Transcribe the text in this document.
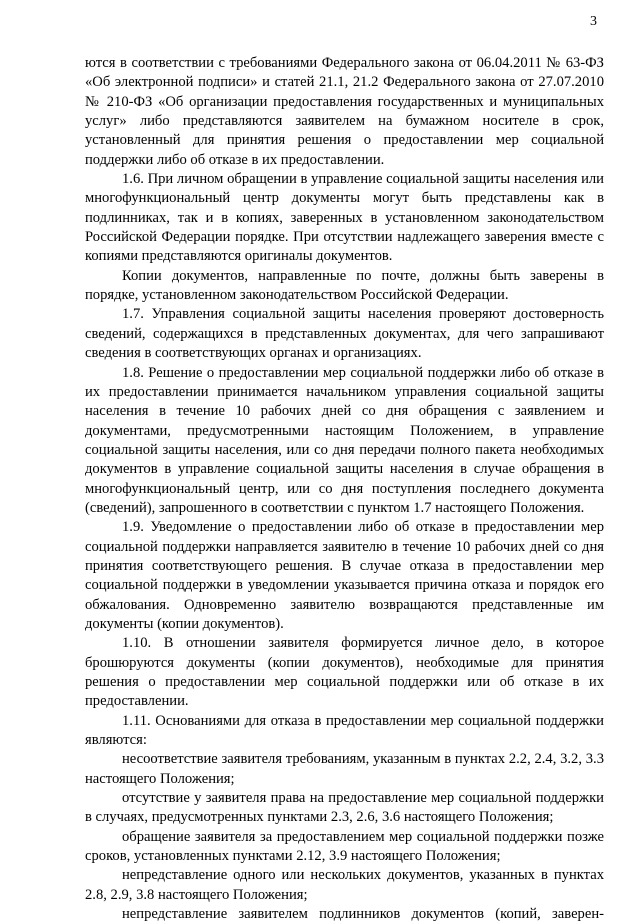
3

ются в соответствии с требованиями Федерального закона от 06.04.2011 № 63-ФЗ «Об электронной подписи» и статей 21.1, 21.2 Федерального закона от 27.07.2010 № 210-ФЗ «Об организации предоставления государственных и муниципальных услуг» либо представляются заявителем на бумажном носителе в срок, установленный для принятия решения о предоставлении мер социальной поддержки либо об отказе в их предоставлении.

1.6. При личном обращении в управление социальной защиты населения или многофункциональный центр документы могут быть представлены как в подлинниках, так и в копиях, заверенных в установленном законодательством Российской Федерации порядке. При отсутствии надлежащего заверения вместе с копиями представляются оригиналы документов.

Копии документов, направленные по почте, должны быть заверены в порядке, установленном законодательством Российской Федерации.

1.7. Управления социальной защиты населения проверяют достоверность сведений, содержащихся в представленных документах, для чего запрашивают сведения в соответствующих органах и организациях.

1.8. Решение о предоставлении мер социальной поддержки либо об отказе в их предоставлении принимается начальником управления социальной защиты населения в течение 10 рабочих дней со дня обращения с заявлением и документами, предусмотренными настоящим Положением, в управление социальной защиты населения, или со дня передачи полного пакета необходимых документов в управление социальной защиты населения в случае обращения в многофункциональный центр, или со дня поступления последнего документа (сведений), запрошенного в соответствии с пунктом 1.7 настоящего Положения.

1.9. Уведомление о предоставлении либо об отказе в предоставлении мер социальной поддержки направляется заявителю в течение 10 рабочих дней со дня принятия соответствующего решения. В случае отказа в предоставлении мер социальной поддержки в уведомлении указывается причина отказа и порядок его обжалования. Одновременно заявителю возвращаются представленные им документы (копии документов).

1.10. В отношении заявителя формируется личное дело, в которое брошюруются документы (копии документов), необходимые для принятия решения о предоставлении мер социальной поддержки или об отказе в их предоставлении.

1.11. Основаниями для отказа в предоставлении мер социальной поддержки являются:

несоответствие заявителя требованиям, указанным в пунктах 2.2, 2.4, 3.2, 3.3 настоящего Положения;

отсутствие у заявителя права на предоставление мер социальной поддержки в случаях, предусмотренных пунктами 2.3, 2.6, 3.6 настоящего Положения;

обращение заявителя за предоставлением мер социальной поддержки позже сроков, установленных пунктами 2.12, 3.9 настоящего Положения;

непредставление одного или нескольких документов, указанных в пунктах 2.8, 2.9, 3.8 настоящего Положения;

непредставление заявителем подлинников документов (копий, заверен-
